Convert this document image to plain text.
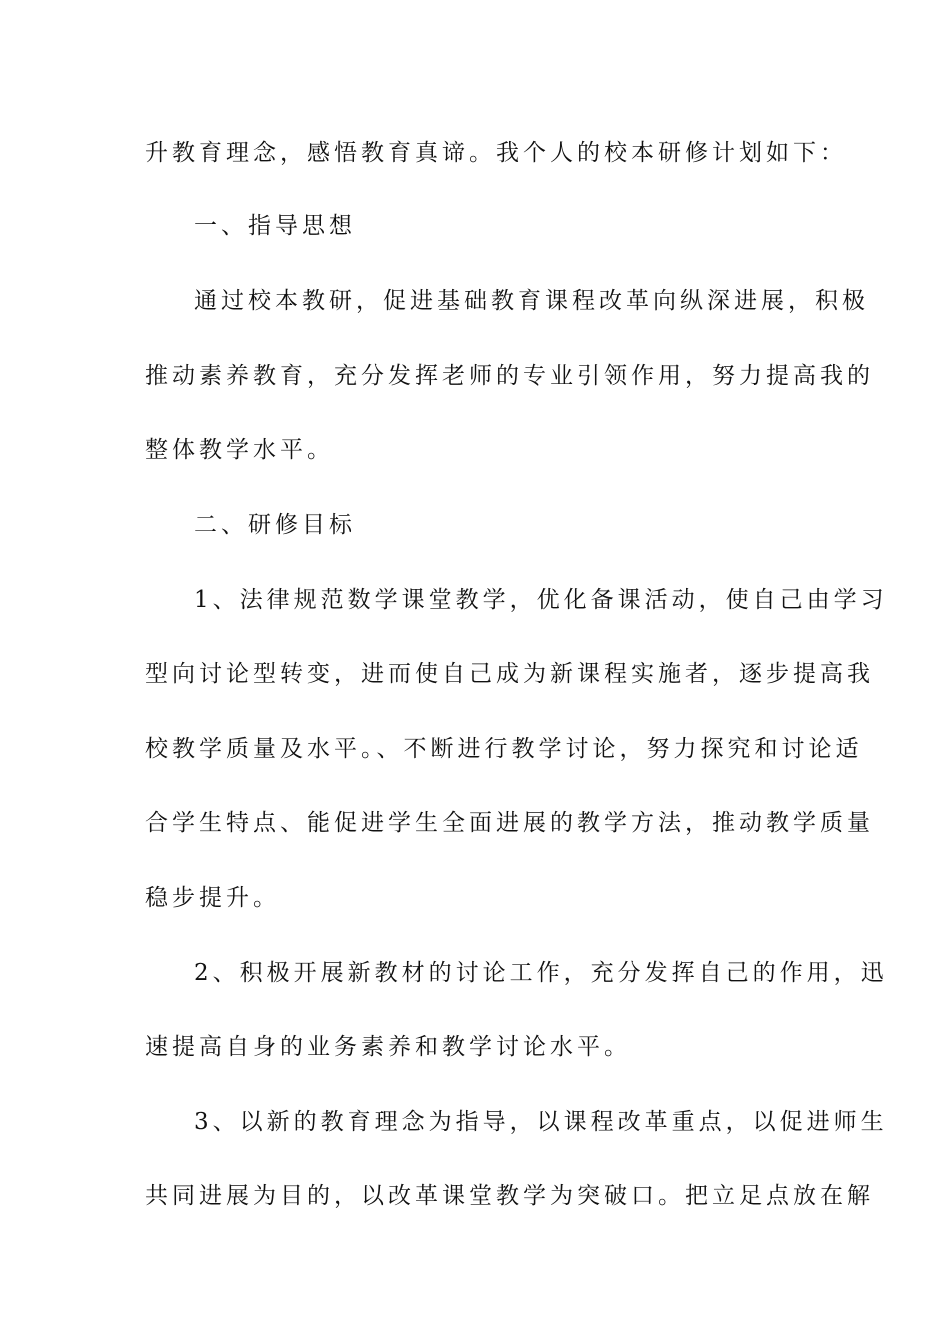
升教育理念，感悟教育真谛。我个人的校本研修计划如下：
一、指导思想
通过校本教研，促进基础教育课程改革向纵深进展，积极
推动素养教育，充分发挥老师的专业引领作用，努力提高我的
整体教学水平。
二、研修目标
1、法律规范数学课堂教学，优化备课活动，使自己由学习
型向讨论型转变，进而使自己成为新课程实施者，逐步提高我
校教学质量及水平。、不断进行教学讨论，努力探究和讨论适
合学生特点、能促进学生全面进展的教学方法，推动教学质量
稳步提升。
2、积极开展新教材的讨论工作，充分发挥自己的作用，迅
速提高自身的业务素养和教学讨论水平。
3、以新的教育理念为指导，以课程改革重点，以促进师生
共同进展为目的，以改革课堂教学为突破口。把立足点放在解
